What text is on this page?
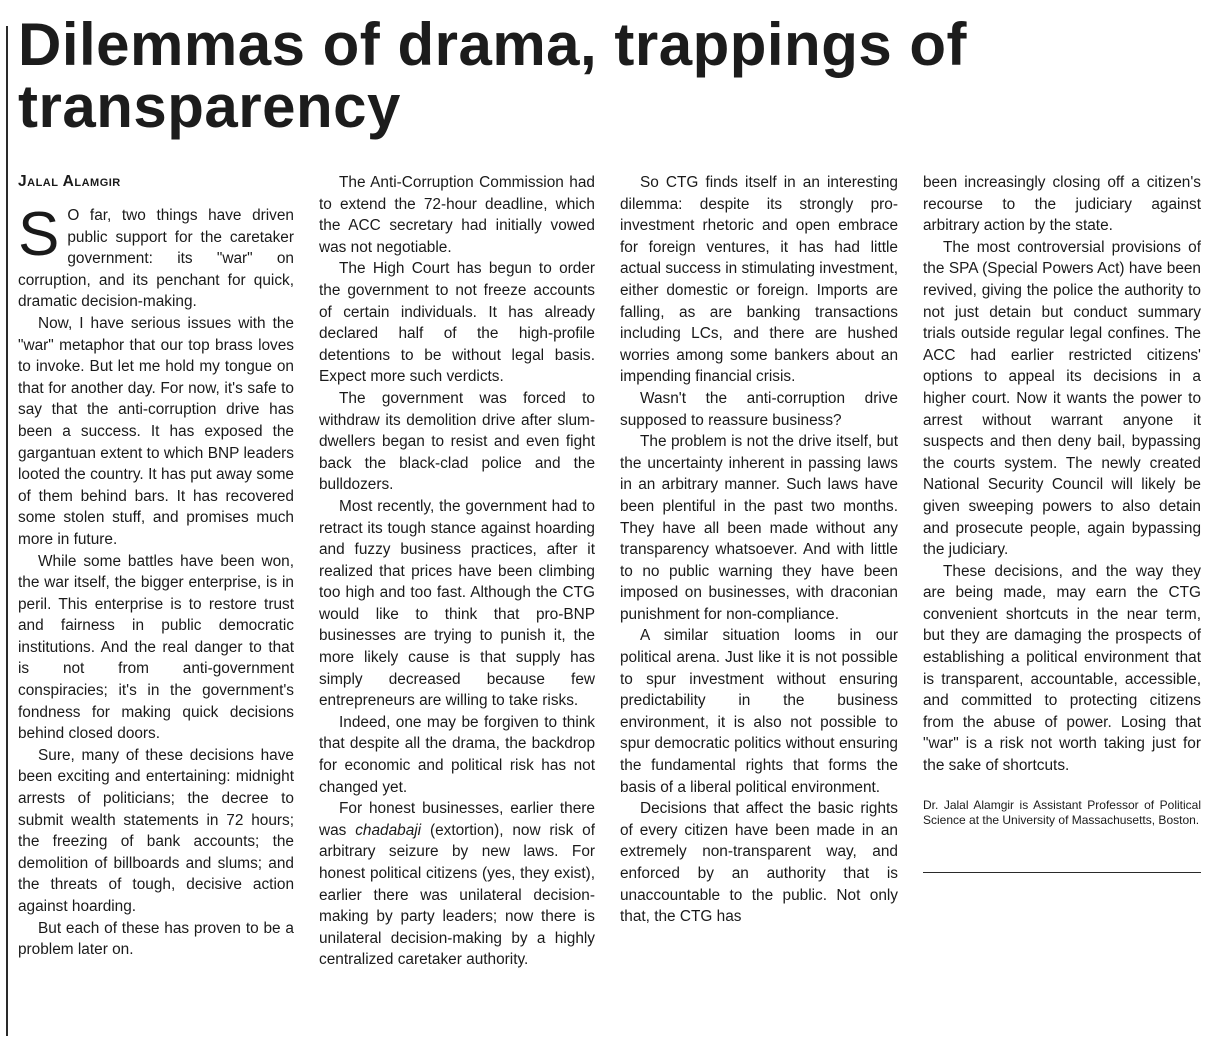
Dilemmas of drama, trappings of transparency
Jalal Alamgir

S O far, two things have driven public support for the caretaker government: its "war" on corruption, and its penchant for quick, dramatic decision-making.

Now, I have serious issues with the "war" metaphor that our top brass loves to invoke. But let me hold my tongue on that for another day. For now, it's safe to say that the anti-corruption drive has been a success. It has exposed the gargantuan extent to which BNP leaders looted the country. It has put away some of them behind bars. It has recovered some stolen stuff, and promises much more in future.

While some battles have been won, the war itself, the bigger enterprise, is in peril. This enterprise is to restore trust and fairness in public democratic institutions. And the real danger to that is not from anti-government conspiracies; it's in the government's fondness for making quick decisions behind closed doors.

Sure, many of these decisions have been exciting and entertaining: midnight arrests of politicians; the decree to submit wealth statements in 72 hours; the freezing of bank accounts; the demolition of billboards and slums; and the threats of tough, decisive action against hoarding.

But each of these has proven to be a problem later on.

The Anti-Corruption Commission had to extend the 72-hour deadline, which the ACC secretary had initially vowed was not negotiable.

The High Court has begun to order the government to not freeze accounts of certain individuals. It has already declared half of the high-profile detentions to be without legal basis. Expect more such verdicts.

The government was forced to withdraw its demolition drive after slum-dwellers began to resist and even fight back the black-clad police and the bulldozers.

Most recently, the government had to retract its tough stance against hoarding and fuzzy business practices, after it realized that prices have been climbing too high and too fast. Although the CTG would like to think that pro-BNP businesses are trying to punish it, the more likely cause is that supply has simply decreased because few entrepreneurs are willing to take risks.

Indeed, one may be forgiven to think that despite all the drama, the backdrop for economic and political risk has not changed yet.

For honest businesses, earlier there was chadabaji (extortion), now risk of arbitrary seizure by new laws. For honest political citizens (yes, they exist), earlier there was unilateral decision-making by party leaders; now there is unilateral decision-making by a highly centralized caretaker authority.

So CTG finds itself in an interesting dilemma: despite its strongly pro-investment rhetoric and open embrace for foreign ventures, it has had little actual success in stimulating investment, either domestic or foreign. Imports are falling, as are banking transactions including LCs, and there are hushed worries among some bankers about an impending financial crisis.

Wasn't the anti-corruption drive supposed to reassure business?

The problem is not the drive itself, but the uncertainty inherent in passing laws in an arbitrary manner. Such laws have been plentiful in the past two months. They have all been made without any transparency whatsoever. And with little to no public warning they have been imposed on businesses, with draconian punishment for non-compliance.

A similar situation looms in our political arena. Just like it is not possible to spur investment without ensuring predictability in the business environment, it is also not possible to spur democratic politics without ensuring the fundamental rights that forms the basis of a liberal political environment.

Decisions that affect the basic rights of every citizen have been made in an extremely non-transparent way, and enforced by an authority that is unaccountable to the public. Not only that, the CTG has

been increasingly closing off a citizen's recourse to the judiciary against arbitrary action by the state.

The most controversial provisions of the SPA (Special Powers Act) have been revived, giving the police the authority to not just detain but conduct summary trials outside regular legal confines. The ACC had earlier restricted citizens' options to appeal its decisions in a higher court. Now it wants the power to arrest without warrant anyone it suspects and then deny bail, bypassing the courts system. The newly created National Security Council will likely be given sweeping powers to also detain and prosecute people, again bypassing the judiciary.

These decisions, and the way they are being made, may earn the CTG convenient shortcuts in the near term, but they are damaging the prospects of establishing a political environment that is transparent, accountable, accessible, and committed to protecting citizens from the abuse of power. Losing that "war" is a risk not worth taking just for the sake of shortcuts.

Dr. Jalal Alamgir is Assistant Professor of Political Science at the University of Massachusetts, Boston.
